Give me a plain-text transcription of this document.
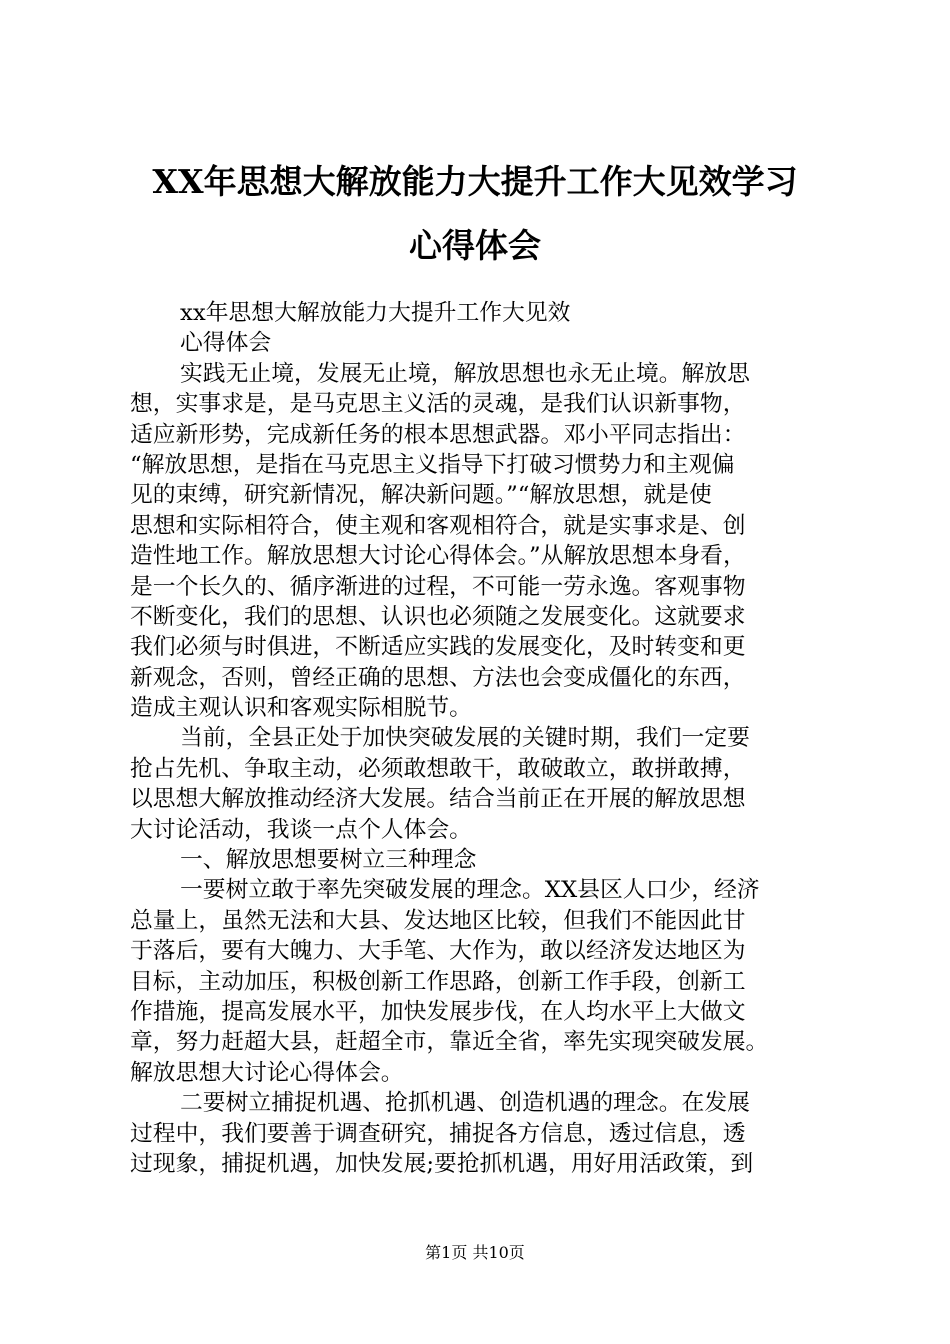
XX年思想大解放能力大提升工作大见效学习
心得体会
xx年思想大解放能力大提升工作大见效
心得体会
实践无止境，发展无止境，解放思想也永无止境。解放思
想，实事求是，是马克思主义活的灵魂，是我们认识新事物，
适应新形势，完成新任务的根本思想武器。邓小平同志指出：
“解放思想，是指在马克思主义指导下打破习惯势力和主观偏
见的束缚，研究新情况，解决新问题。”“解放思想，就是使
思想和实际相符合，使主观和客观相符合，就是实事求是、创
造性地工作。解放思想大讨论心得体会。”从解放思想本身看，
是一个长久的、循序渐进的过程，不可能一劳永逸。客观事物
不断变化，我们的思想、认识也必须随之发展变化。这就要求
我们必须与时俱进，不断适应实践的发展变化，及时转变和更
新观念，否则，曾经正确的思想、方法也会变成僵化的东西，
造成主观认识和客观实际相脱节。
当前，全县正处于加快突破发展的关键时期，我们一定要
抢占先机、争取主动，必须敢想敢干，敢破敢立，敢拼敢搏，
以思想大解放推动经济大发展。结合当前正在开展的解放思想
大讨论活动，我谈一点个人体会。
一、解放思想要树立三种理念
一要树立敢于率先突破发展的理念。XX县区人口少，经济
总量上，虽然无法和大县、发达地区比较，但我们不能因此甘
于落后，要有大魄力、大手笔、大作为，敢以经济发达地区为
目标，主动加压，积极创新工作思路，创新工作手段，创新工
作措施，提高发展水平，加快发展步伐，在人均水平上大做文
章，努力赶超大县，赶超全市，靠近全省，率先实现突破发展。
解放思想大讨论心得体会。
二要树立捕捉机遇、抢抓机遇、创造机遇的理念。在发展
过程中，我们要善于调查研究，捕捉各方信息，透过信息，透
过现象，捕捉机遇，加快发展;要抢抓机遇，用好用活政策，到
第1页 共10页
